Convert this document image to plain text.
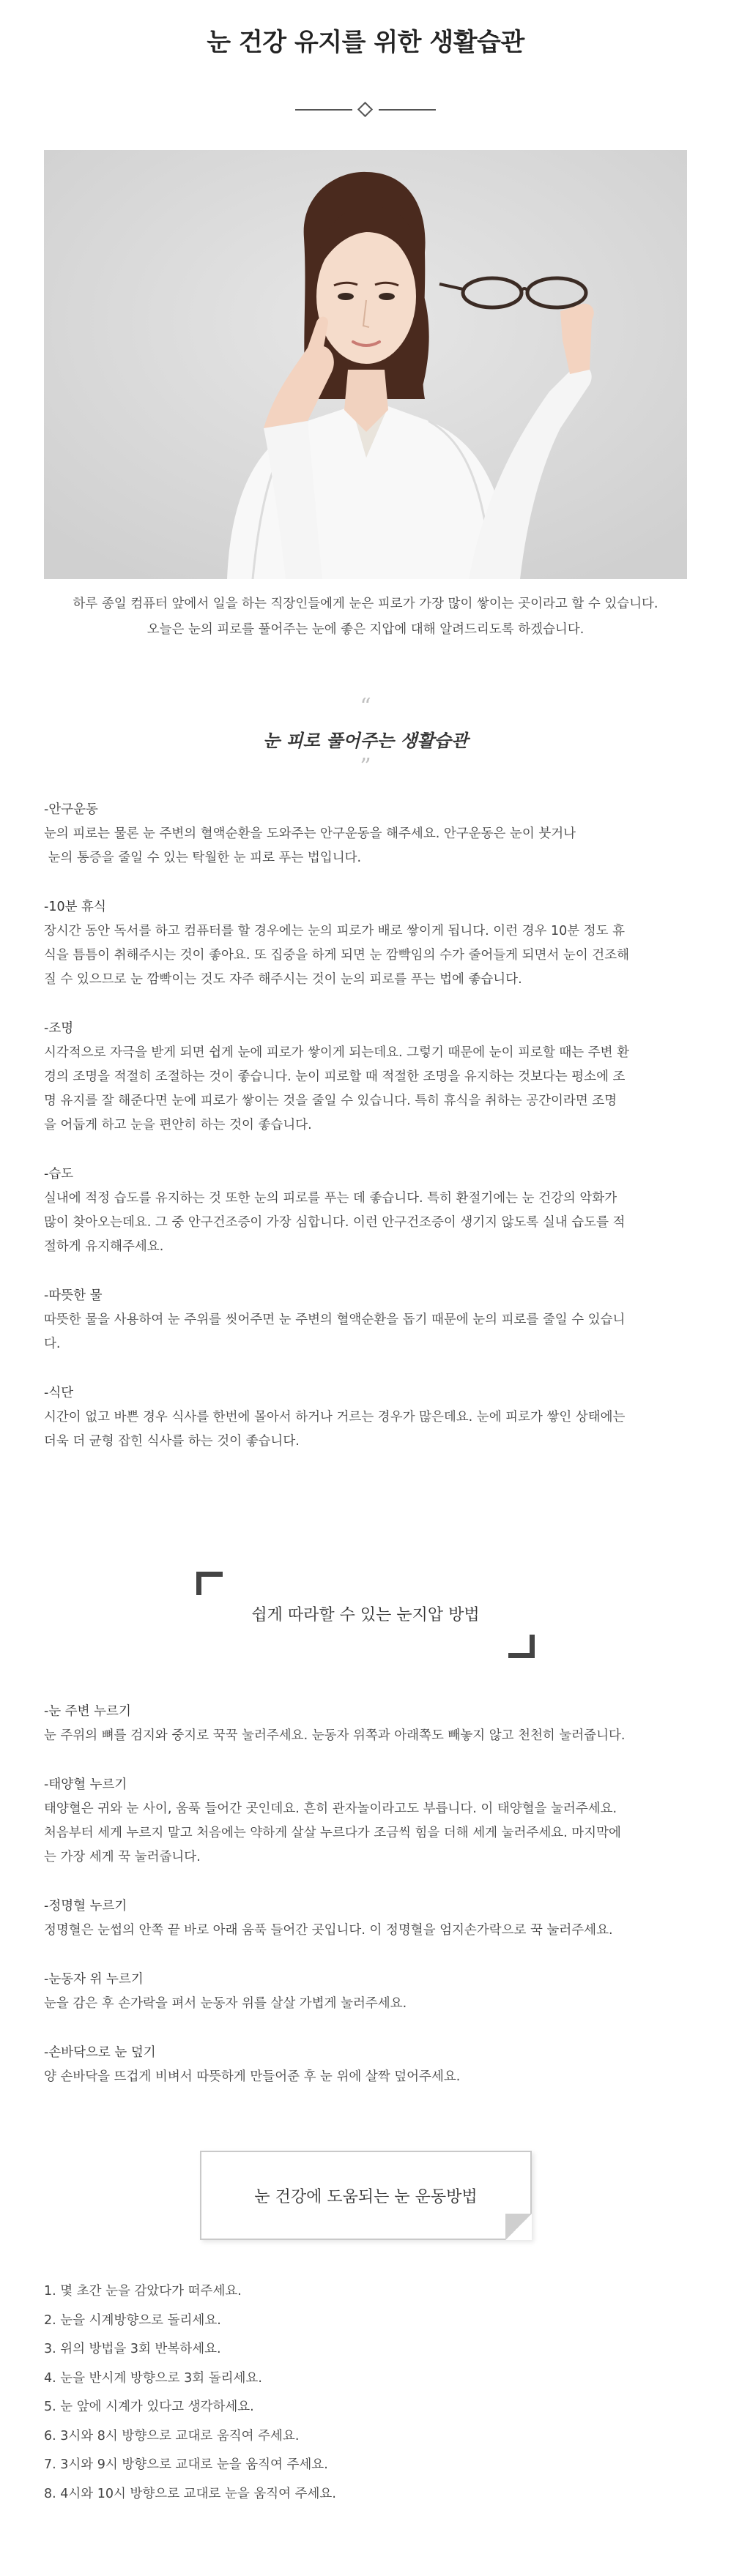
눈 건강 유지를 위한 생활습관

하루 종일 컴퓨터 앞에서 일을 하는 직장인들에게 눈은 피로가 가장 많이 쌓이는 곳이라고 할 수 있습니다.

오늘은 눈의 피로를 풀어주는 눈에 좋은 지압에 대해 알려드리도록 하겠습니다.

“
눈 피로 풀어주는 생활습관
”
-안구운동
눈의 피로는 물론 눈 주변의 혈액순환을 도와주는 안구운동을 해주세요. 안구운동은 눈이 붓거나
눈의 통증을 줄일 수 있는 탁월한 눈 피로 푸는 법입니다.
-10분 휴식
장시간 동안 독서를 하고 컴퓨터를 할 경우에는 눈의 피로가 배로 쌓이게 됩니다. 이런 경우 10분 정도 휴
식을 틈틈이 취해주시는 것이 좋아요. 또 집중을 하게 되면 눈 깜빡임의 수가 줄어들게 되면서 눈이 건조해
질 수 있으므로 눈 깜빡이는 것도 자주 해주시는 것이 눈의 피로를 푸는 법에 좋습니다.
-조명
시각적으로 자극을 받게 되면 쉽게 눈에 피로가 쌓이게 되는데요. 그렇기 때문에 눈이 피로할 때는 주변 환
경의 조명을 적절히 조절하는 것이 좋습니다. 눈이 피로할 때 적절한 조명을 유지하는 것보다는 평소에 조
명 유지를 잘 해준다면 눈에 피로가 쌓이는 것을 줄일 수 있습니다. 특히 휴식을 취하는 공간이라면 조명
을 어둡게 하고 눈을 편안히 하는 것이 좋습니다.
-습도
실내에 적정 습도를 유지하는 것 또한 눈의 피로를 푸는 데 좋습니다. 특히 환절기에는 눈 건강의 악화가
많이 찾아오는데요. 그 중 안구건조증이 가장 심합니다. 이런 안구건조증이 생기지 않도록 실내 습도를 적
절하게 유지해주세요.
-따뜻한 물
따뜻한 물을 사용하여 눈 주위를 씻어주면 눈 주변의 혈액순환을 돕기 때문에 눈의 피로를 줄일 수 있습니
다.
-식단
시간이 없고 바쁜 경우 식사를 한번에 몰아서 하거나 거르는 경우가 많은데요. 눈에 피로가 쌓인 상태에는
더욱 더 균형 잡힌 식사를 하는 것이 좋습니다.
쉽게 따라할 수 있는 눈지압 방법
-눈 주변 누르기
눈 주위의 뼈를 검지와 중지로 꾹꾹 눌러주세요. 눈동자 위쪽과 아래쪽도 빼놓지 않고 천천히 눌러줍니다.
-태양혈 누르기
태양혈은 귀와 눈 사이, 움푹 들어간 곳인데요. 흔히 관자놀이라고도 부릅니다. 이 태양혈을 눌러주세요.
처음부터 세게 누르지 말고 처음에는 약하게 살살 누르다가 조금씩 힘을 더해 세게 눌러주세요. 마지막에
는 가장 세게 꾹 눌러줍니다.
-정명혈 누르기
정명혈은 눈썹의 안쪽 끝 바로 아래 움푹 들어간 곳입니다. 이 정명혈을 엄지손가락으로 꾹 눌러주세요.
-눈동자 위 누르기
눈을 감은 후 손가락을 펴서 눈동자 위를 살살 가볍게 눌러주세요.
-손바닥으로 눈 덮기
양 손바닥을 뜨겁게 비벼서 따뜻하게 만들어준 후 눈 위에 살짝 덮어주세요.
눈 건강에 도움되는 눈 운동방법
1. 몇 초간 눈을 감았다가 떠주세요.
2. 눈을 시계방향으로 돌리세요.
3. 위의 방법을 3회 반복하세요.
4. 눈을 반시계 방향으로 3회 돌리세요.
5. 눈 앞에 시계가 있다고 생각하세요.
6. 3시와 8시 방향으로 교대로 움직여 주세요.
7. 3시와 9시 방향으로 교대로 눈을 움직여 주세요.
8. 4시와 10시 방향으로 교대로 눈을 움직여 주세요.
